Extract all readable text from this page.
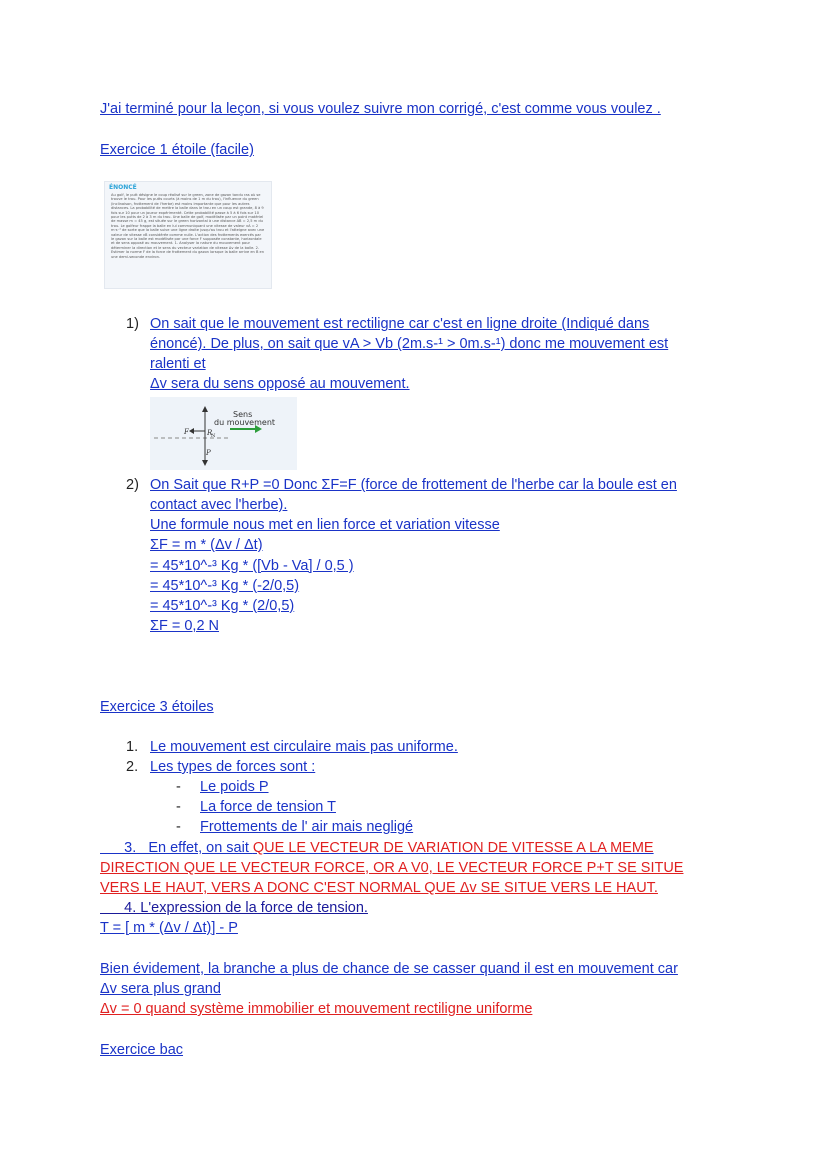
J'ai terminé pour la leçon, si vous voulez suivre mon corrigé, c'est comme vous voulez .
Exercice 1 étoile (facile)
ÉNONCÉ
Au golf, le putt désigne le coup réalisé sur le green, zone de gazon tondu ras où se trouve le trou. Pour les putts courts (à moins de 1 m du trou), l'influence du green (inclinaison, frottement de l'herbe) est moins importante que pour les autres distances. La probabilité de mettre la balle dans le trou en un coup est grande, 8 à 9 fois sur 10 pour un joueur expérimenté. Cette probabilité passe à 5 à 6 fois sur 10 pour les putts de 2 à 3 m du trou. Une balle de golf, modélisée par un point matériel de masse m = 45 g, est située sur le green horizontal à une distance AB = 2,5 m du trou. Le golfeur frappe la balle en lui communiquant une vitesse de valeur vA = 2 m·s⁻¹ de sorte que la balle suive une ligne droite jusqu'au trou et l'atteigne avec une valeur de vitesse vB considérée comme nulle. L'action des frottements exercés par le gazon sur la balle est modélisée par une force F supposée constante, horizontale et de sens opposé au mouvement. 1. Analyser la nature du mouvement pour déterminer la direction et le sens du vecteur variation de vitesse Δv de la balle. 2. Estimer la norme F de la force de frottement du gazon lorsque la balle arrive en B en une demi-seconde environ.
1) On sait que le mouvement est rectiligne car c'est en ligne droite (Indiqué dans
énoncé). De plus, on sait que vA > Vb (2m.s-¹ > 0m.s-¹) donc me mouvement est
ralenti et
Δv sera du sens opposé au mouvement.
Sens
du mouvement
F	R
N
P
2) On Sait que R+P =0 Donc ΣF=F (force de frottement de l'herbe car la boule est en
contact avec l'herbe).
Une formule nous met en lien force et variation vitesse
ΣF = m * (Δv / Δt)
= 45*10^-³ Kg * ([Vb - Va] / 0,5 )
= 45*10^-³ Kg * (-2/0,5)
= 45*10^-³ Kg * (2/0,5)
ΣF = 0,2 N
Exercice 3 étoiles
1. Le mouvement est circulaire mais pas uniforme.
2. Les types de forces sont :
- Le poids P
- La force de tension T
- Frottements de l' air mais negligé
3.   En effet, on sait QUE LE VECTEUR DE VARIATION DE VITESSE A LA MEME
DIRECTION QUE LE VECTEUR FORCE, OR A V0, LE VECTEUR FORCE P+T SE SITUE
VERS LE HAUT, VERS A DONC C'EST NORMAL QUE Δv SE SITUE VERS LE HAUT.
4. L'expression de la force de tension.
T = [ m * (Δv / Δt)] - P
Bien évidement, la branche a plus de chance de se casser quand il est en mouvement car
Δv sera plus grand
Δv = 0 quand système immobilier et mouvement rectiligne uniforme
Exercice bac
